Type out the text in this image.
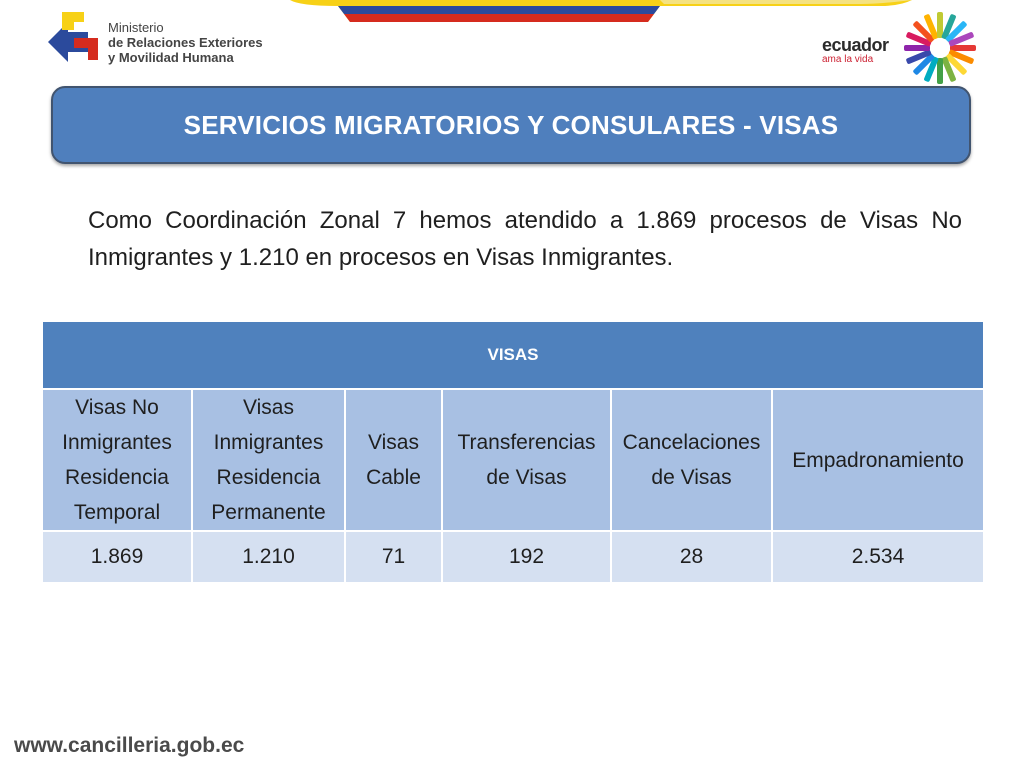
Ministerio
de Relaciones Exteriores
y Movilidad Humana
ecuador
ama la vida
SERVICIOS MIGRATORIOS Y CONSULARES - VISAS
Como Coordinación Zonal 7 hemos atendido a 1.869 procesos de Visas No Inmigrantes y 1.210 en procesos en Visas Inmigrantes.
VISAS					
Visas No Inmigrantes Residencia Temporal	Visas Inmigrantes Residencia Permanente	Visas Cable	Transferencias de Visas	Cancelaciones de Visas	Empadronamiento
1.869	1.210	71	192	28	2.534
www.cancilleria.gob.ec
